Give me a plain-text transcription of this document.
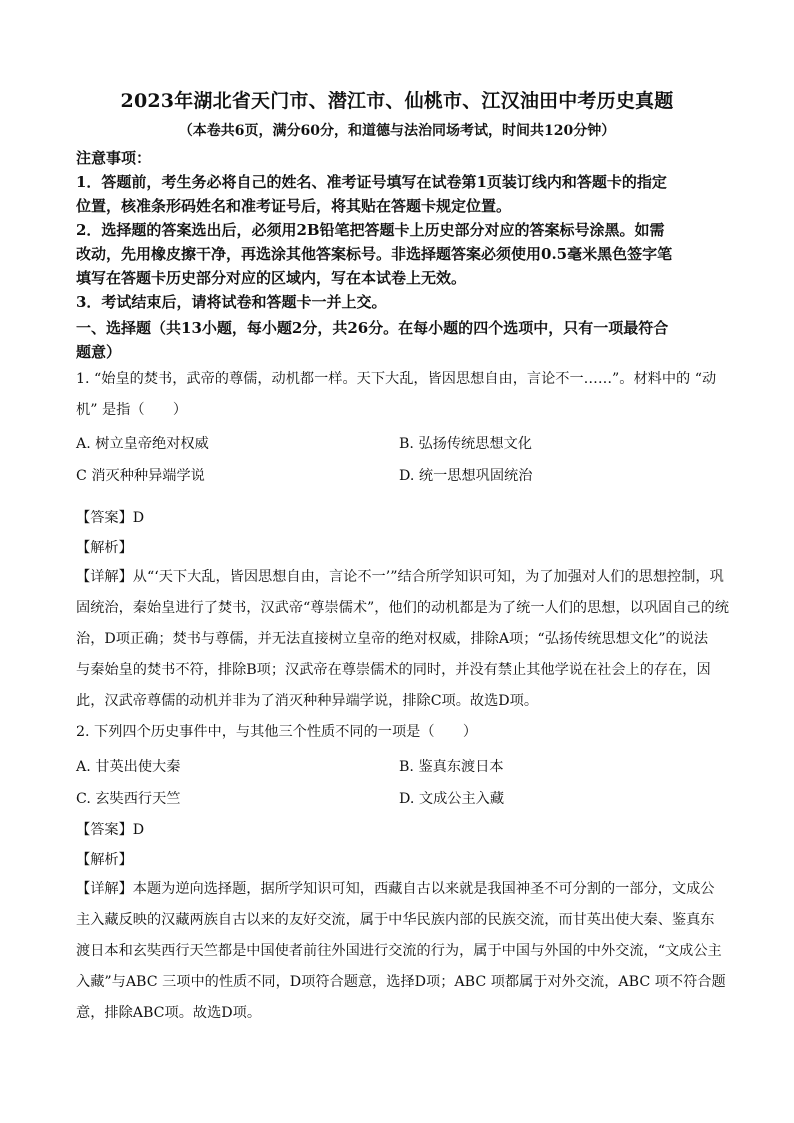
2023年湖北省天门市、潜江市、仙桃市、江汉油田中考历史真题
（本卷共6页，满分60分，和道德与法治同场考试，时间共120分钟）
注意事项：
1．答题前，考生务必将自己的姓名、准考证号填写在试卷第1页装订线内和答题卡的指定
位置，核准条形码姓名和准考证号后，将其贴在答题卡规定位置。
2．选择题的答案选出后，必须用2B铅笔把答题卡上历史部分对应的答案标号涂黑。如需
改动，先用橡皮擦干净，再选涂其他答案标号。非选择题答案必须使用0.5毫米黑色签字笔
填写在答题卡历史部分对应的区域内，写在本试卷上无效。
3．考试结束后，请将试卷和答题卡一并上交。
一、选择题（共13小题，每小题2分，共26分。在每小题的四个选项中，只有一项最符合
题意）
1. “始皇的焚书，武帝的尊儒，动机都一样。天下大乱，皆因思想自由，言论不一……”。材料中的 “动
机” 是指（　　）
A. 树立皇帝绝对权威	B. 弘扬传统思想文化
C 消灭种种异端学说	D. 统一思想巩固统治
【答案】D
【解析】
【详解】从“‘天下大乱，皆因思想自由，言论不一’”结合所学知识可知，为了加强对人们的思想控制，巩
固统治，秦始皇进行了焚书，汉武帝“尊崇儒术”，他们的动机都是为了统一人们的思想，以巩固自己的统
治，D项正确；焚书与尊儒，并无法直接树立皇帝的绝对权威，排除A项；“弘扬传统思想文化”的说法
与秦始皇的焚书不符，排除B项；汉武帝在尊崇儒术的同时，并没有禁止其他学说在社会上的存在，因
此，汉武帝尊儒的动机并非为了消灭种种异端学说，排除C项。故选D项。
2. 下列四个历史事件中，与其他三个性质不同的一项是（　　）
A. 甘英出使大秦	B. 鉴真东渡日本
C. 玄奘西行天竺	D. 文成公主入藏
【答案】D
【解析】
【详解】本题为逆向选择题，据所学知识可知，西藏自古以来就是我国神圣不可分割的一部分，文成公
主入藏反映的汉藏两族自古以来的友好交流，属于中华民族内部的民族交流，而甘英出使大秦、鉴真东
渡日本和玄奘西行天竺都是中国使者前往外国进行交流的行为，属于中国与外国的中外交流，“文成公主
入藏”与ABC 三项中的性质不同，D项符合题意，选择D项；ABC 项都属于对外交流，ABC 项不符合题
意，排除ABC项。故选D项。
